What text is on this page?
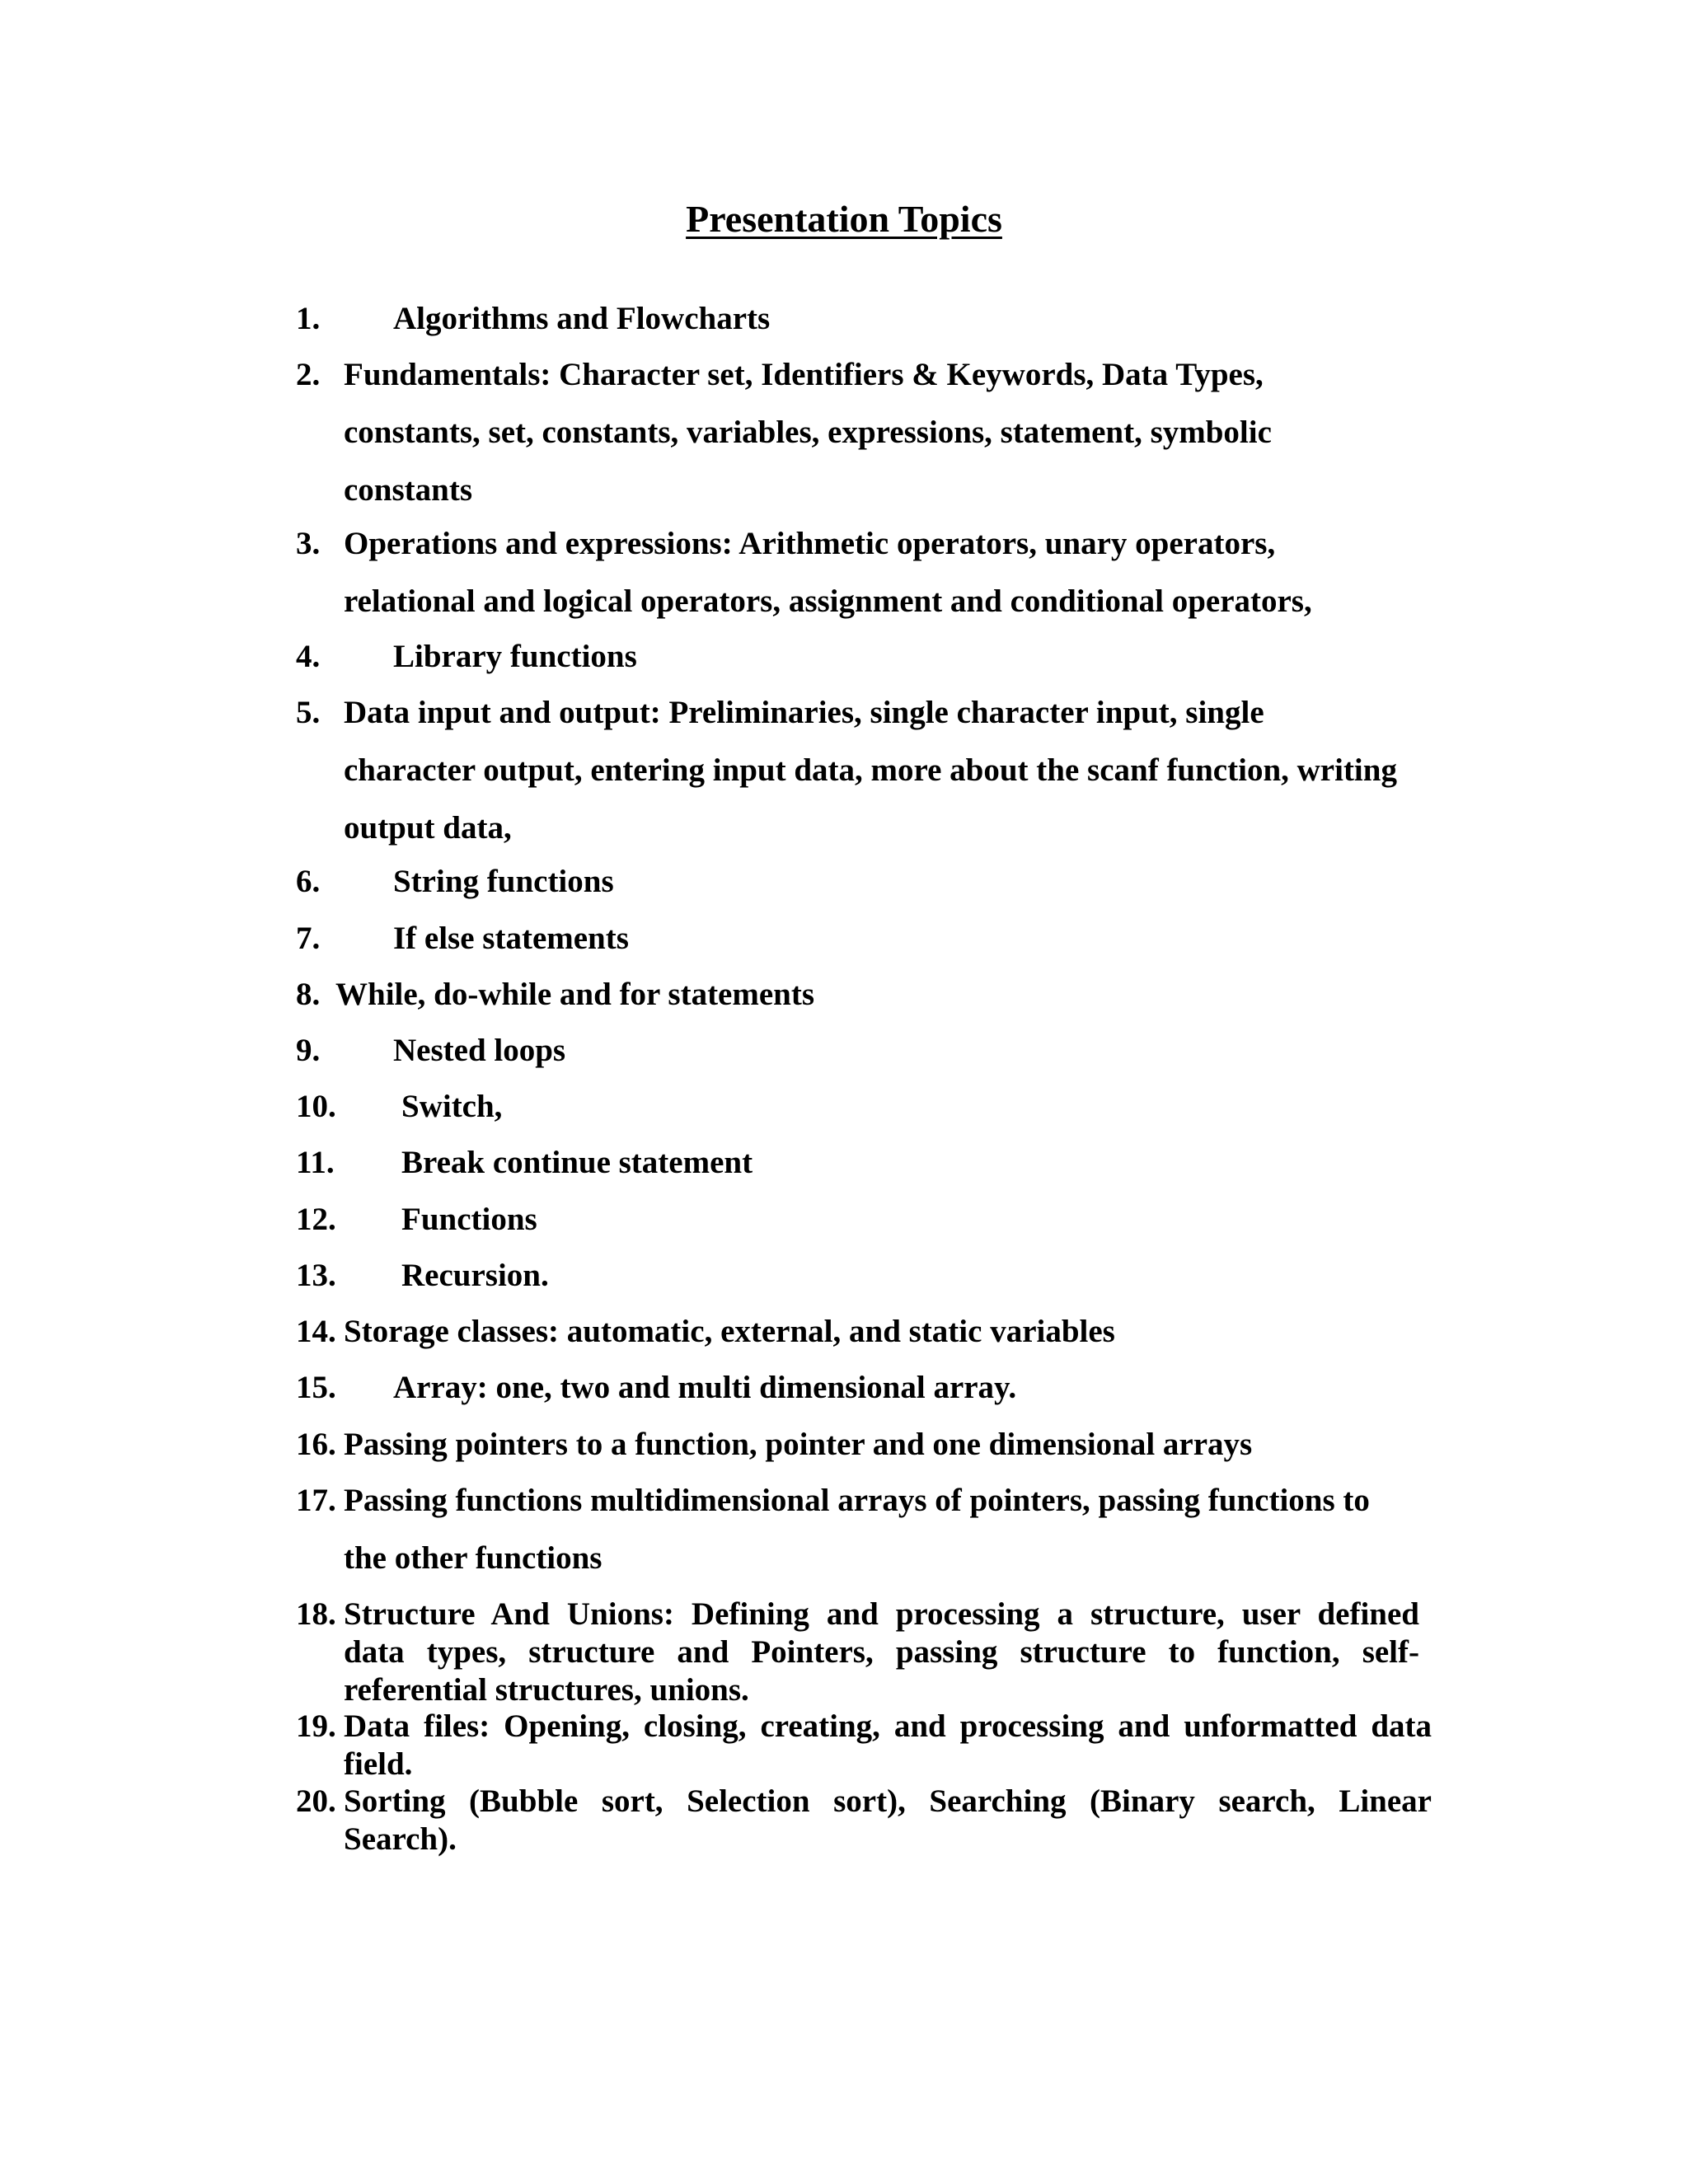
Presentation Topics
1. Algorithms and Flowcharts
2. Fundamentals: Character set, Identifiers & Keywords, Data Types,
constants, set, constants, variables, expressions, statement, symbolic
constants
3. Operations and expressions: Arithmetic operators, unary operators,
relational and logical operators, assignment and conditional operators,
4. Library functions
5. Data input and output: Preliminaries, single character input, single
character output, entering input data, more about the scanf function, writing
output data,
6. String functions
7. If else statements
8. While, do-while and for statements
9. Nested loops
10. Switch,
11. Break continue statement
12. Functions
13. Recursion.
14. Storage classes: automatic, external, and static variables
15. Array: one, two and multi dimensional array.
16. Passing pointers to a function, pointer and one dimensional arrays
17. Passing functions multidimensional arrays of pointers, passing functions to
the other functions
18. Structure And Unions: Defining and processing a structure, user defined
data types, structure and Pointers, passing structure to function, self-
referential structures, unions.
19. Data files: Opening, closing, creating, and processing and unformatted data
field.
20. Sorting (Bubble sort, Selection sort), Searching (Binary search, Linear
Search).
